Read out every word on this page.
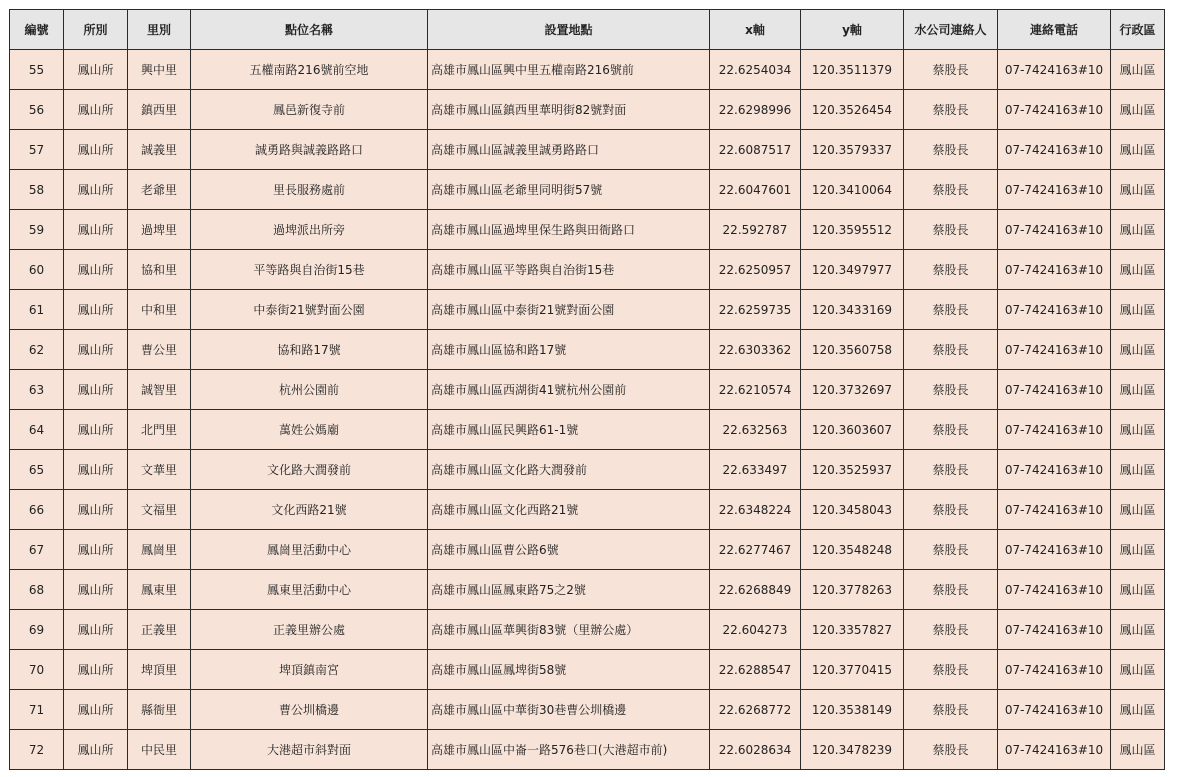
編號	所別	里別	點位名稱	設置地點	x軸	y軸	水公司連絡人	連絡電話	行政區
55	鳳山所	興中里	五權南路216號前空地	高雄市鳳山區興中里五權南路216號前	22.6254034	120.3511379	蔡股長	07-7424163#10	鳳山區
56	鳳山所	鎮西里	鳳邑新復寺前	高雄市鳳山區鎮西里華明街82號對面	22.6298996	120.3526454	蔡股長	07-7424163#10	鳳山區
57	鳳山所	誠義里	誠勇路與誠義路路口	高雄市鳳山區誠義里誠勇路路口	22.6087517	120.3579337	蔡股長	07-7424163#10	鳳山區
58	鳳山所	老爺里	里長服務處前	高雄市鳳山區老爺里同明街57號	22.6047601	120.3410064	蔡股長	07-7424163#10	鳳山區
59	鳳山所	過埤里	過埤派出所旁	高雄市鳳山區過埤里保生路與田衙路口	22.592787	120.3595512	蔡股長	07-7424163#10	鳳山區
60	鳳山所	協和里	平等路與自治街15巷	高雄市鳳山區平等路與自治街15巷	22.6250957	120.3497977	蔡股長	07-7424163#10	鳳山區
61	鳳山所	中和里	中泰街21號對面公園	高雄市鳳山區中泰街21號對面公園	22.6259735	120.3433169	蔡股長	07-7424163#10	鳳山區
62	鳳山所	曹公里	協和路17號	高雄市鳳山區協和路17號	22.6303362	120.3560758	蔡股長	07-7424163#10	鳳山區
63	鳳山所	誠智里	杭州公園前	高雄市鳳山區西湖街41號杭州公園前	22.6210574	120.3732697	蔡股長	07-7424163#10	鳳山區
64	鳳山所	北門里	萬姓公媽廟	高雄市鳳山區民興路61-1號	22.632563	120.3603607	蔡股長	07-7424163#10	鳳山區
65	鳳山所	文華里	文化路大潤發前	高雄市鳳山區文化路大潤發前	22.633497	120.3525937	蔡股長	07-7424163#10	鳳山區
66	鳳山所	文福里	文化西路21號	高雄市鳳山區文化西路21號	22.6348224	120.3458043	蔡股長	07-7424163#10	鳳山區
67	鳳山所	鳳崗里	鳳崗里活動中心	高雄市鳳山區曹公路6號	22.6277467	120.3548248	蔡股長	07-7424163#10	鳳山區
68	鳳山所	鳳東里	鳳東里活動中心	高雄市鳳山區鳳東路75之2號	22.6268849	120.3778263	蔡股長	07-7424163#10	鳳山區
69	鳳山所	正義里	正義里辦公處	高雄市鳳山區華興街83號（里辦公處）	22.604273	120.3357827	蔡股長	07-7424163#10	鳳山區
70	鳳山所	埤頂里	埤頂鎮南宮	高雄市鳳山區鳳埤街58號	22.6288547	120.3770415	蔡股長	07-7424163#10	鳳山區
71	鳳山所	縣衙里	曹公圳橋邊	高雄市鳳山區中華街30巷曹公圳橋邊	22.6268772	120.3538149	蔡股長	07-7424163#10	鳳山區
72	鳳山所	中民里	大港超市斜對面	高雄市鳳山區中崙一路576巷口(大港超市前)	22.6028634	120.3478239	蔡股長	07-7424163#10	鳳山區
